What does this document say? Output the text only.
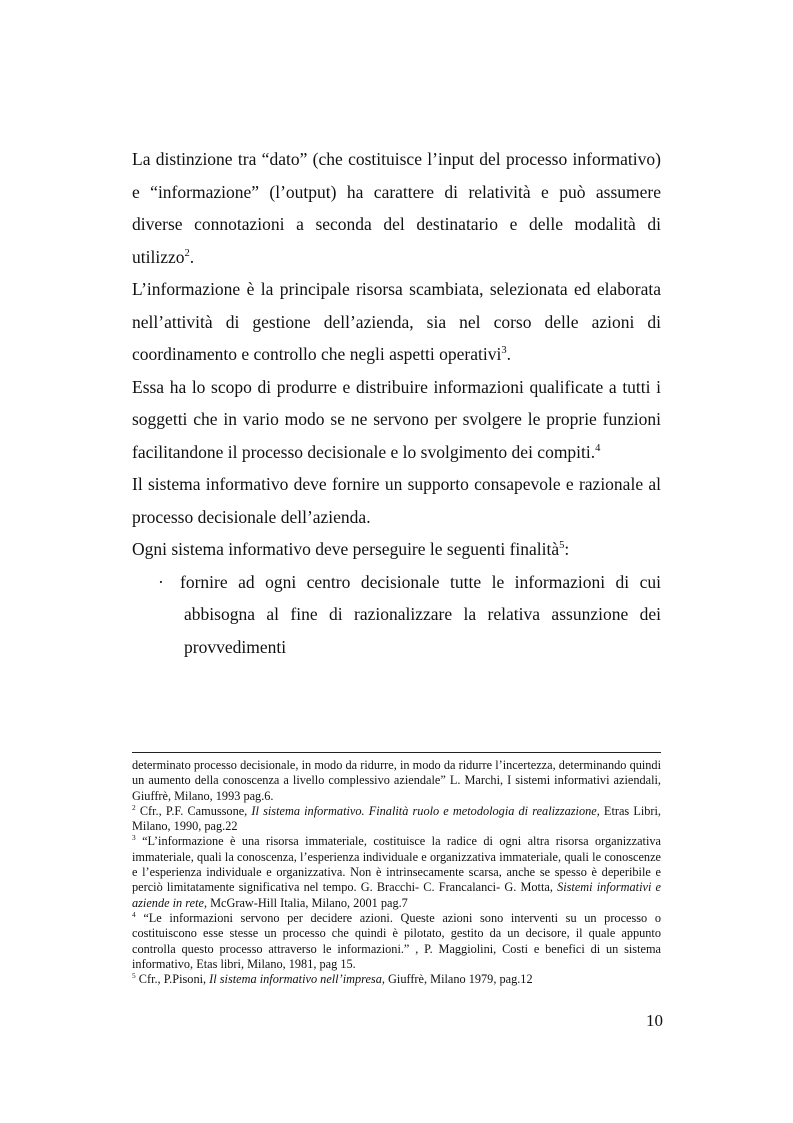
La distinzione tra “dato” (che costituisce l’input del processo informativo) e “informazione” (l’output) ha carattere di relatività e può assumere diverse connotazioni a seconda del destinatario e delle modalità di utilizzo$^2$.

L’informazione è la principale risorsa scambiata, selezionata ed elaborata nell’attività di gestione dell’azienda, sia nel corso delle azioni di coordinamento e controllo che negli aspetti operativi$^3$.

Essa ha lo scopo di produrre e distribuire informazioni qualificate a tutti i soggetti che in vario modo se ne servono per svolgere le proprie funzioni facilitandone il processo decisionale e lo svolgimento dei compiti.$^4$

Il sistema informativo deve fornire un supporto consapevole e razionale al processo decisionale dell’azienda.

Ogni sistema informativo deve perseguire le seguenti finalità$^5$:

· fornire ad ogni centro decisionale tutte le informazioni di cui abbisogna al fine di razionalizzare la relativa assunzione dei provvedimenti

determinato processo decisionale, in modo da ridurre, in modo da ridurre l’incertezza, determinando quindi un aumento della conoscenza a livello complessivo aziendale” L. Marchi, I sistemi informativi aziendali, Giuffrè, Milano, 1993 pag.6.

$^2$ Cfr., P.F. Camussone, Il sistema informativo. Finalità ruolo e metodologia di realizzazione, Etras Libri, Milano, 1990, pag.22

$^3$ “L’informazione è una risorsa immateriale, costituisce la radice di ogni altra risorsa organizzativa immateriale, quali la conoscenza, l’esperienza individuale e organizzativa immateriale, quali le conoscenze e l’esperienza individuale e organizzativa. Non è intrinsecamente scarsa, anche se spesso è deperibile e perciò limitatamente significativa nel tempo. G. Bracchi- C. Francalanci- G. Motta, Sistemi informativi e aziende in rete, McGraw-Hill Italia, Milano, 2001 pag.7

$^4$ “Le informazioni servono per decidere azioni. Queste azioni sono interventi su un processo o costituiscono esse stesse un processo che quindi è pilotato, gestito da un decisore, il quale appunto controlla questo processo attraverso le informazioni.” , P. Maggiolini, Costi e benefici di un sistema informativo, Etas libri, Milano, 1981, pag 15.

$^5$ Cfr., P.Pisoni, Il sistema informativo nell’impresa, Giuffrè, Milano 1979, pag.12

10
